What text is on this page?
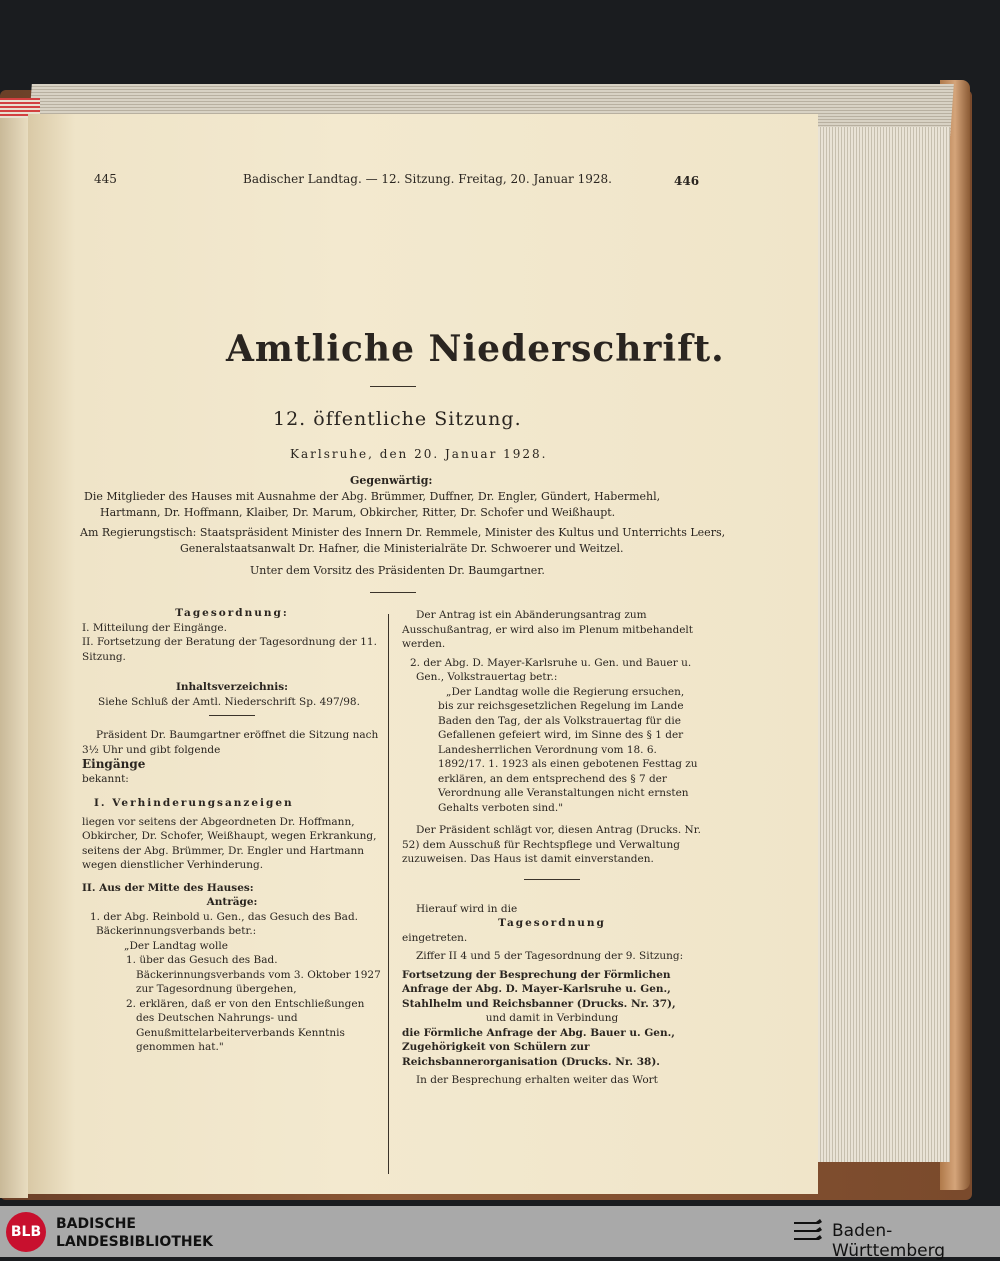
445	Badischer Landtag. — 12. Sitzung. Freitag, 20. Januar 1928.	446
Amtliche Niederschrift.
12. öffentliche Sitzung.
Karlsruhe, den 20. Januar 1928.
Gegenwärtig:
Die Mitglieder des Hauses mit Ausnahme der Abg. Brümmer, Duffner, Dr. Engler, Gündert, Habermehl,
Hartmann, Dr. Hoffmann, Klaiber, Dr. Marum, Obkircher, Ritter, Dr. Schofer und Weißhaupt.
Am Regierungstisch: Staatspräsident Minister des Innern Dr. Remmele, Minister des Kultus und Unterrichts Leers,
Generalstaatsanwalt Dr. Hafner, die Ministerialräte Dr. Schwoerer und Weitzel.
Unter dem Vorsitz des Präsidenten Dr. Baumgartner.

Tagesordnung:

I. Mitteilung der Eingänge.

II. Fortsetzung der Beratung der Tagesordnung der 11. Sitzung.

Inhaltsverzeichnis:

Siehe Schluß der Amtl. Niederschrift Sp. 497/98.

Präsident Dr. Baumgartner eröffnet die Sitzung nach 3½ Uhr und gibt folgende

Eingänge

bekannt:

I. Verhinderungsanzeigen

liegen vor seitens der Abgeordneten Dr. Hoffmann, Obkircher, Dr. Schofer, Weißhaupt, wegen Erkrankung, seitens der Abg. Brümmer, Dr. Engler und Hartmann wegen dienstlicher Verhinderung.

II. Aus der Mitte des Hauses:

Anträge:

1. der Abg. Reinbold u. Gen., das Gesuch des Bad. Bäckerinnungsverbands betr.:

„Der Landtag wolle

1. über das Gesuch des Bad. Bäckerinnungsverbands vom 3. Oktober 1927 zur Tagesordnung übergehen,

2. erklären, daß er von den Entschließungen des Deutschen Nahrungs- und Genußmittelarbeiterverbands Kenntnis genommen hat."

Der Antrag ist ein Abänderungsantrag zum Ausschußantrag, er wird also im Plenum mitbehandelt werden.

2. der Abg. D. Mayer-Karlsruhe u. Gen. und Bauer u. Gen., Volkstrauertag betr.:

„Der Landtag wolle die Regierung ersuchen, bis zur reichsgesetzlichen Regelung im Lande Baden den Tag, der als Volkstrauertag für die Gefallenen gefeiert wird, im Sinne des § 1 der Landesherrlichen Verordnung vom 18. 6. 1892/17. 1. 1923 als einen gebotenen Festtag zu erklären, an dem entsprechend des § 7 der Verordnung alle Veranstaltungen nicht ernsten Gehalts verboten sind."

Der Präsident schlägt vor, diesen Antrag (Drucks. Nr. 52) dem Ausschuß für Rechtspflege und Verwaltung zuzuweisen. Das Haus ist damit einverstanden.

Hierauf wird in die

Tagesordnung

eingetreten.

Ziffer II 4 und 5 der Tagesordnung der 9. Sitzung:

Fortsetzung der Besprechung der Förmlichen Anfrage der Abg. D. Mayer-Karlsruhe u. Gen., Stahlhelm und Reichsbanner (Drucks. Nr. 37),

und damit in Verbindung

die Förmliche Anfrage der Abg. Bauer u. Gen., Zugehörigkeit von Schülern zur Reichsbannerorganisation (Drucks. Nr. 38).

In der Besprechung erhalten weiter das Wort

BLB	BADISCHE
LANDESBIBLIOTHEK
Baden-Württemberg
